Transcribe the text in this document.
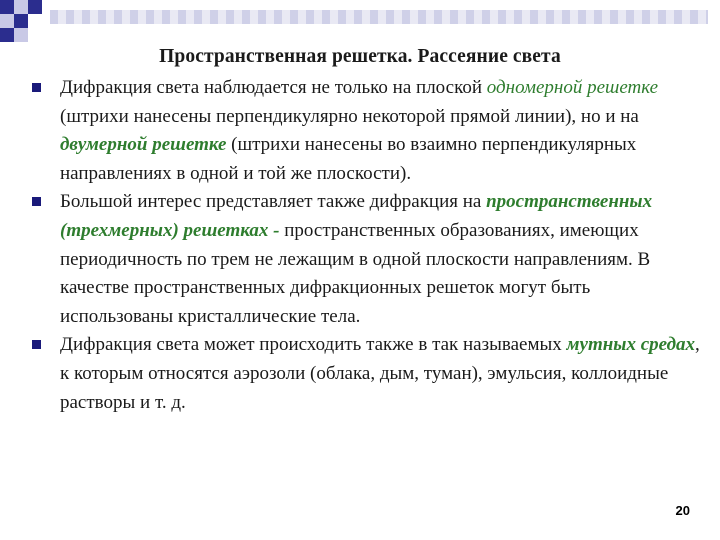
Пространственная решетка. Рассеяние света
Дифракция света наблюдается не только на плоской одномерной решетке (штрихи нанесены перпендикулярно некоторой прямой линии), но и на двумерной решетке (штрихи нанесены во взаимно перпендикулярных направлениях в одной и той же плоскости).
Большой интерес представляет также дифракция на пространственных (трехмерных) решетках - пространственных образованиях, имеющих периодичность по трем не лежащим в одной плоскости направлениям. В качестве пространственных дифракционных решеток могут быть использованы кристаллические тела.
Дифракция света может происходить также в так называемых мутных средах, к которым относятся аэрозоли (облака, дым, туман), эмульсия, коллоидные растворы и т. д.
20
